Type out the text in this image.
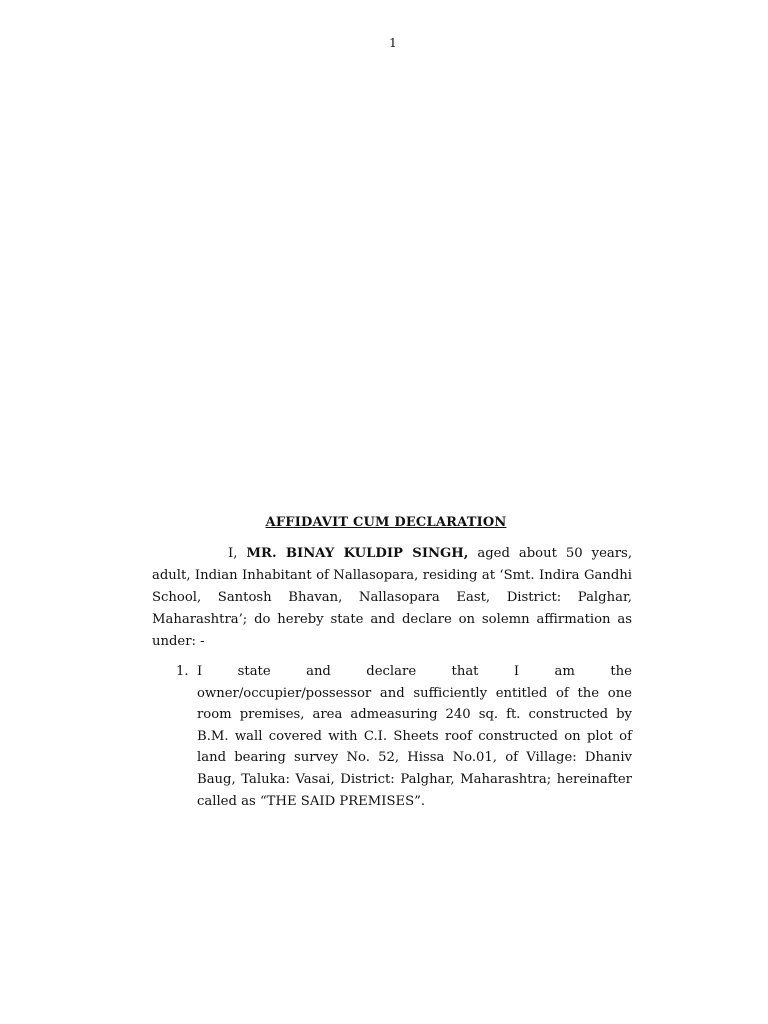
1
AFFIDAVIT CUM DECLARATION

I, MR. BINAY KULDIP SINGH, aged about 50 years, adult, Indian Inhabitant of Nallasopara, residing at ‘Smt. Indira Gandhi School, Santosh Bhavan, Nallasopara East, District: Palghar, Maharashtra’; do hereby state and declare on solemn affirmation as under: -

1. I	state	and	declare	that	I	am	the
owner/occupier/possessor and sufficiently entitled of the one room premises, area admeasuring 240 sq. ft. constructed by B.M. wall covered with C.I. Sheets roof constructed on plot of land bearing survey No. 52, Hissa No.01, of Village: Dhaniv Baug, Taluka: Vasai, District: Palghar, Maharashtra; hereinafter called as “THE SAID PREMISES”.
